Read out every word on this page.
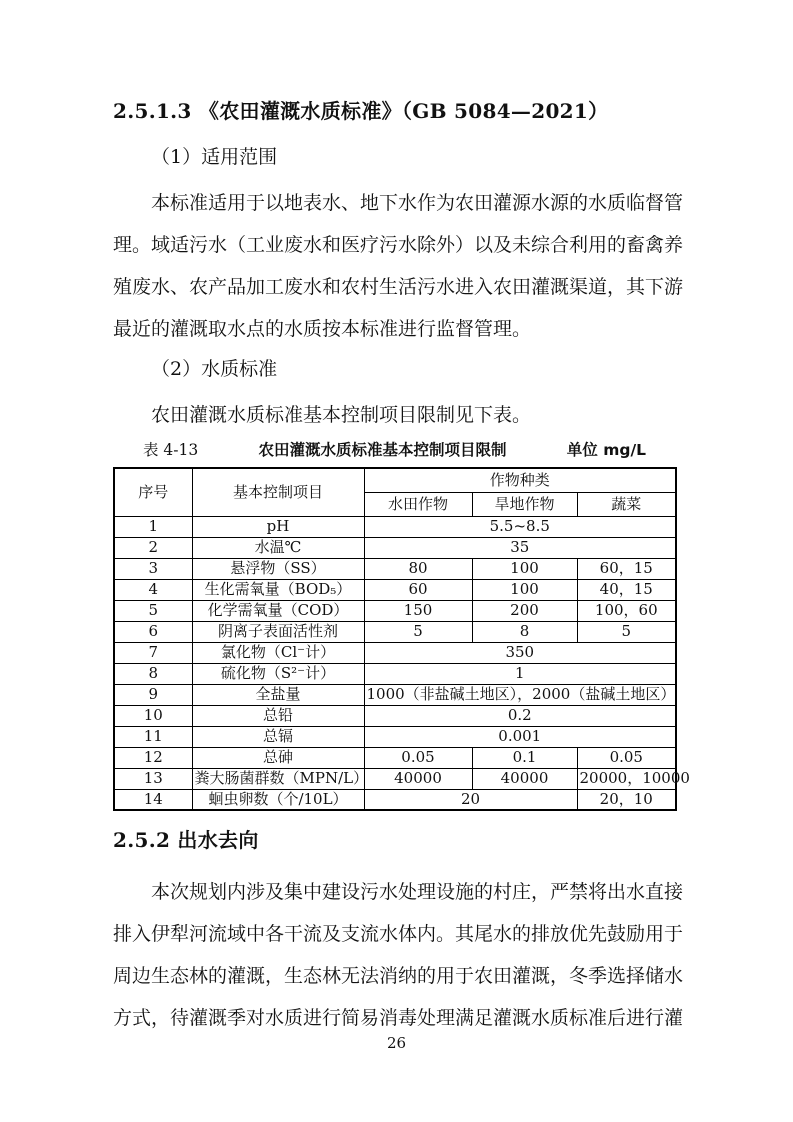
2.5.1.3 《农田灌溉水质标准》（GB 5084—2021）
（1）适用范围
本标准适用于以地表水、地下水作为农田灌源水源的水质临督管
理。域适污水（工业废水和医疗污水除外）以及未综合利用的畜禽养
殖废水、农产品加工废水和农村生活污水进入农田灌溉渠道，其下游
最近的灌溉取水点的水质按本标准进行监督管理。
（2）水质标准
农田灌溉水质标准基本控制项目限制见下表。
表 4-13	农田灌溉水质标准基本控制项目限制	单位 mg/L
序号	基本控制项目	作物种类		
		水田作物	旱地作物	蔬菜
1	pH	5.5~8.5		
2	水温℃	35		
3	悬浮物（SS）	80	100	60，15
4	生化需氧量（BOD₅）	60	100	40，15
5	化学需氧量（COD）	150	200	100，60
6	阴离子表面活性剂	5	8	5
7	氯化物（Cl⁻计）	350		
8	硫化物（S²⁻计）	1		
9	全盐量	1000（非盐碱土地区），2000（盐碱土地区）		
10	总铅	0.2		
11	总镉	0.001		
12	总砷	0.05	0.1	0.05
13	粪大肠菌群数（MPN/L）	40000	40000	20000，10000
14	蛔虫卵数（个/10L）	20		20，10
2.5.2 出水去向
本次规划内涉及集中建设污水处理设施的村庄，严禁将出水直接
排入伊犁河流域中各干流及支流水体内。其尾水的排放优先鼓励用于
周边生态林的灌溉，生态林无法消纳的用于农田灌溉，冬季选择储水
方式，待灌溉季对水质进行简易消毒处理满足灌溉水质标准后进行灌
26
